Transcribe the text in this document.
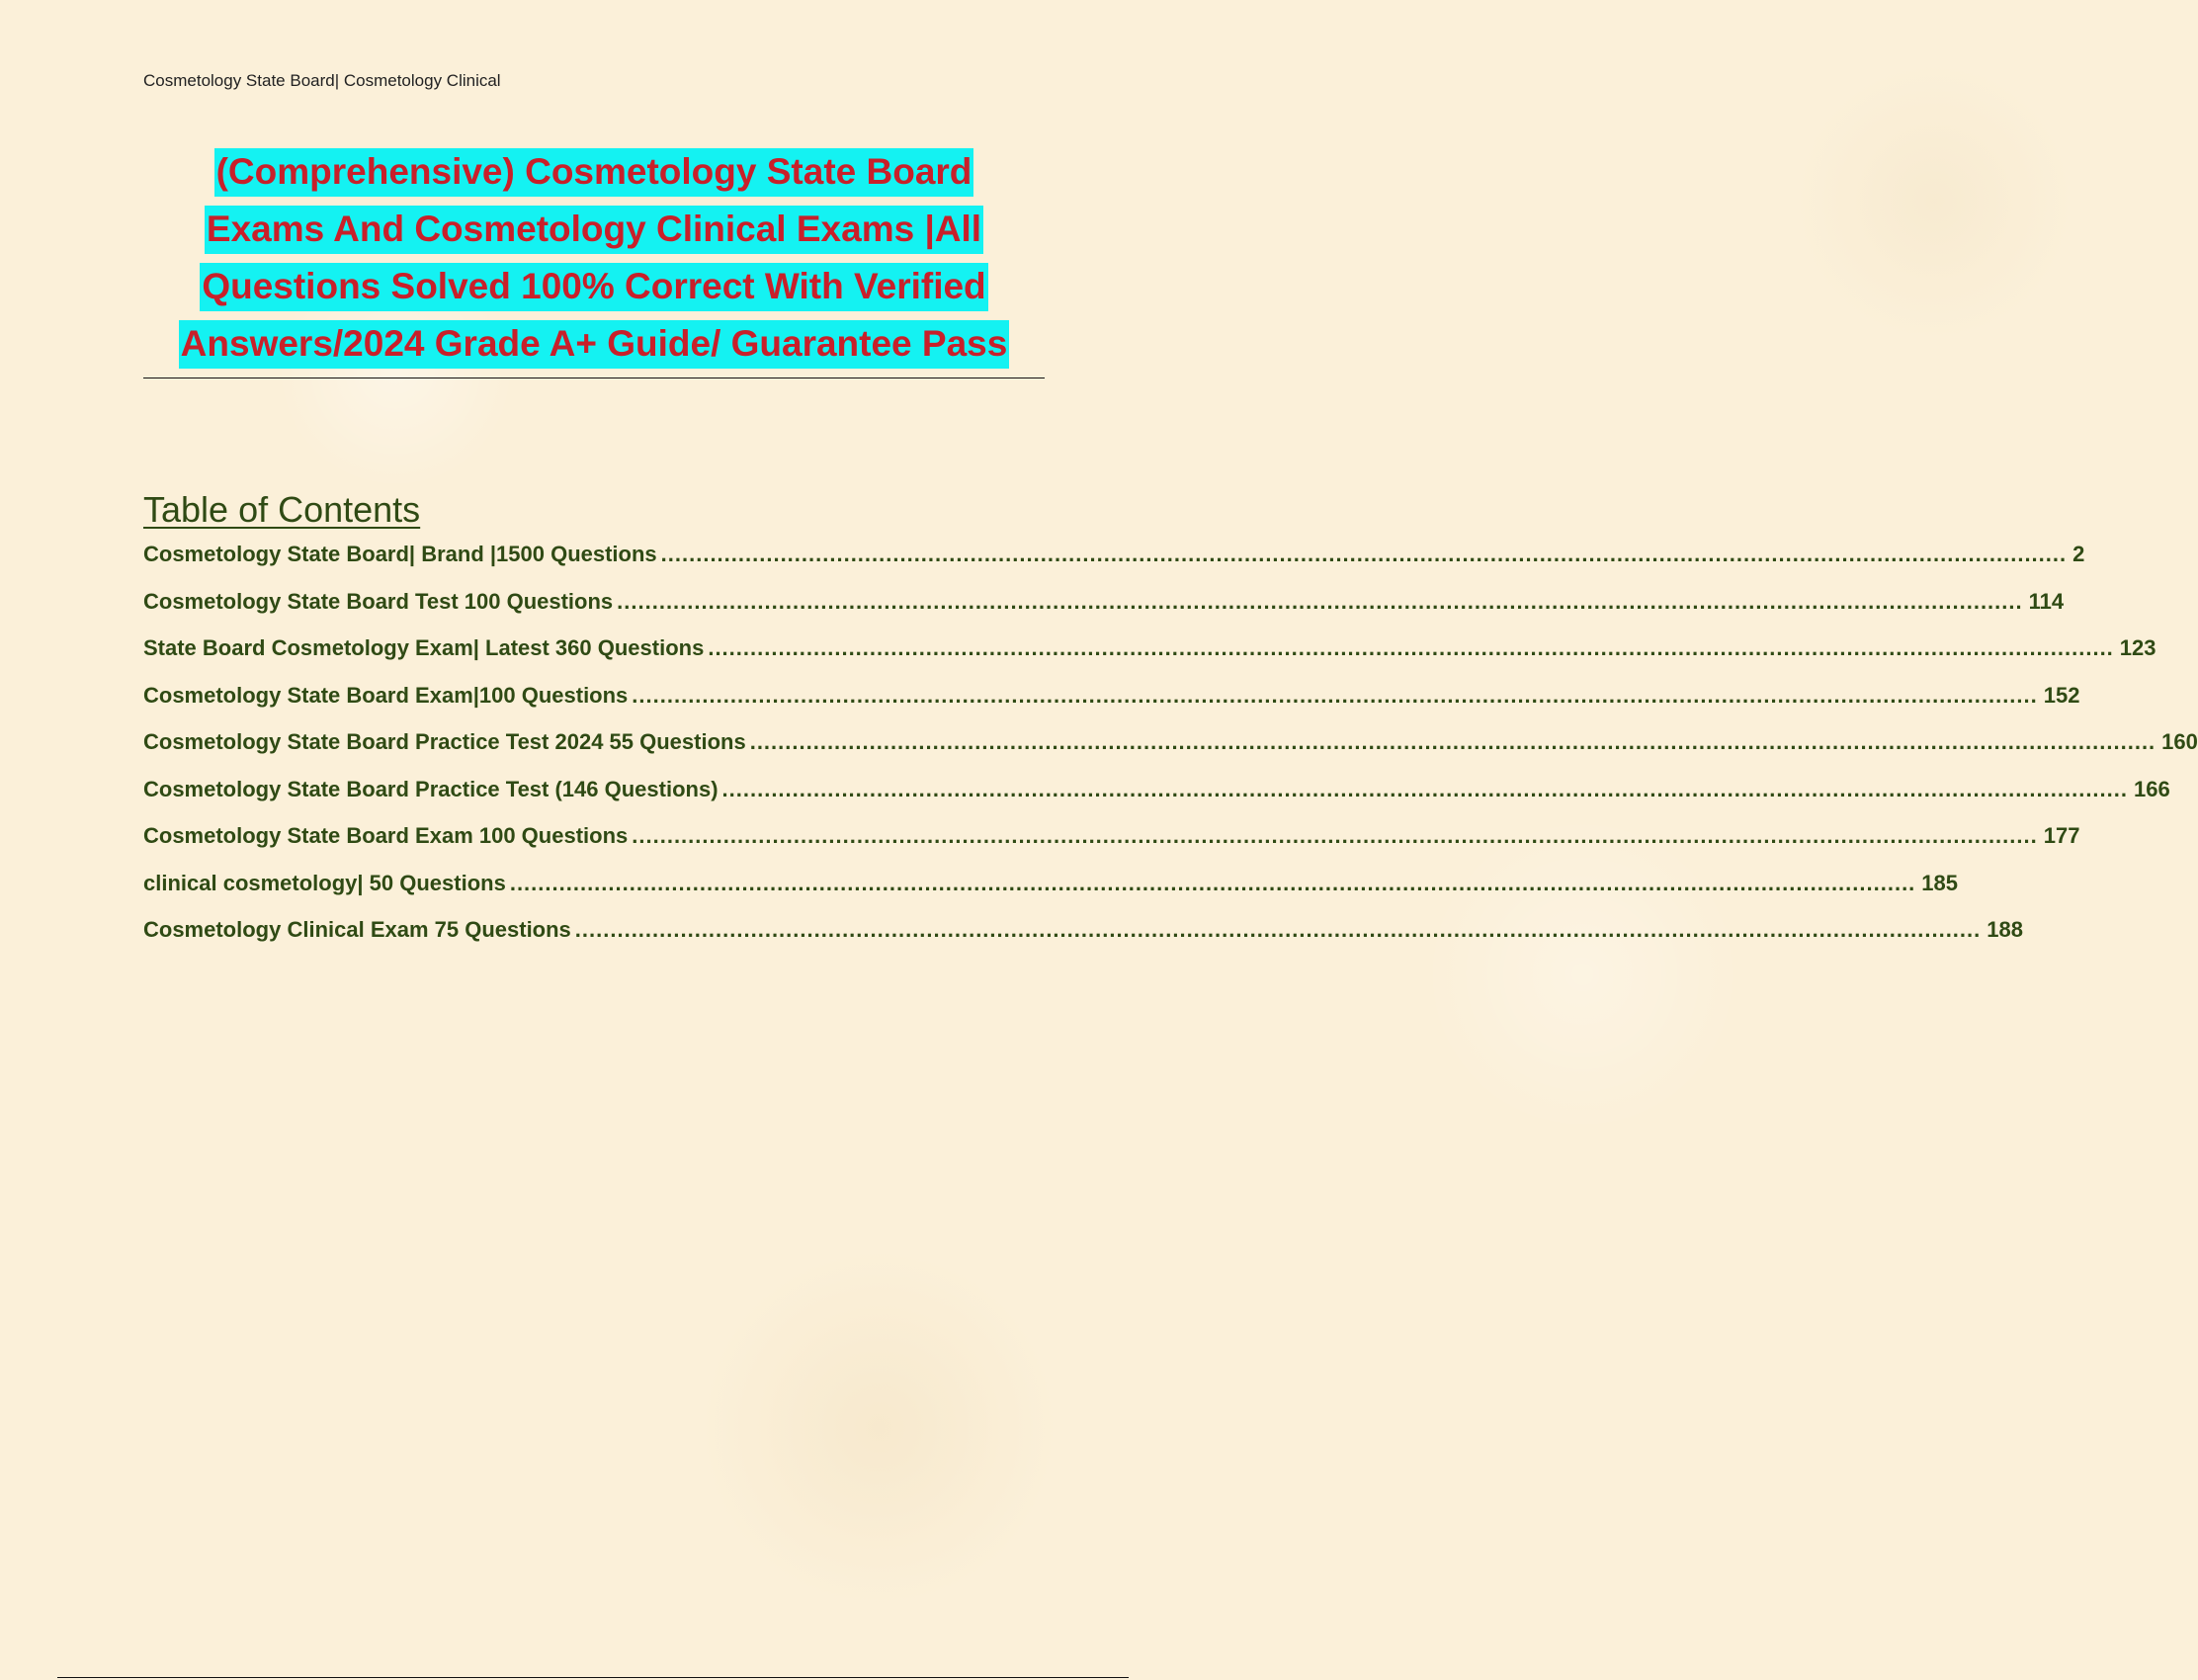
Cosmetology State Board| Cosmetology Clinical
(Comprehensive) Cosmetology State Board
Exams And Cosmetology Clinical Exams |All
Questions Solved 100% Correct With Verified
Answers/2024 Grade A+ Guide/ Guarantee Pass
Table of Contents
Cosmetology State Board| Brand |1500 Questions ........................................................................................................................................................................................................ 2
Cosmetology State Board Test 100 Questions ........................................................................................................................................................................................................ 114
State Board Cosmetology Exam| Latest 360 Questions ........................................................................................................................................................................................................ 123
Cosmetology State Board Exam|100 Questions ........................................................................................................................................................................................................ 152
Cosmetology State Board Practice Test 2024 55 Questions ........................................................................................................................................................................................................ 160
Cosmetology State Board Practice Test (146 Questions) ........................................................................................................................................................................................................ 166
Cosmetology State Board Exam 100 Questions ........................................................................................................................................................................................................ 177
clinical cosmetology| 50 Questions ........................................................................................................................................................................................................ 185
Cosmetology Clinical Exam 75 Questions ........................................................................................................................................................................................................ 188
